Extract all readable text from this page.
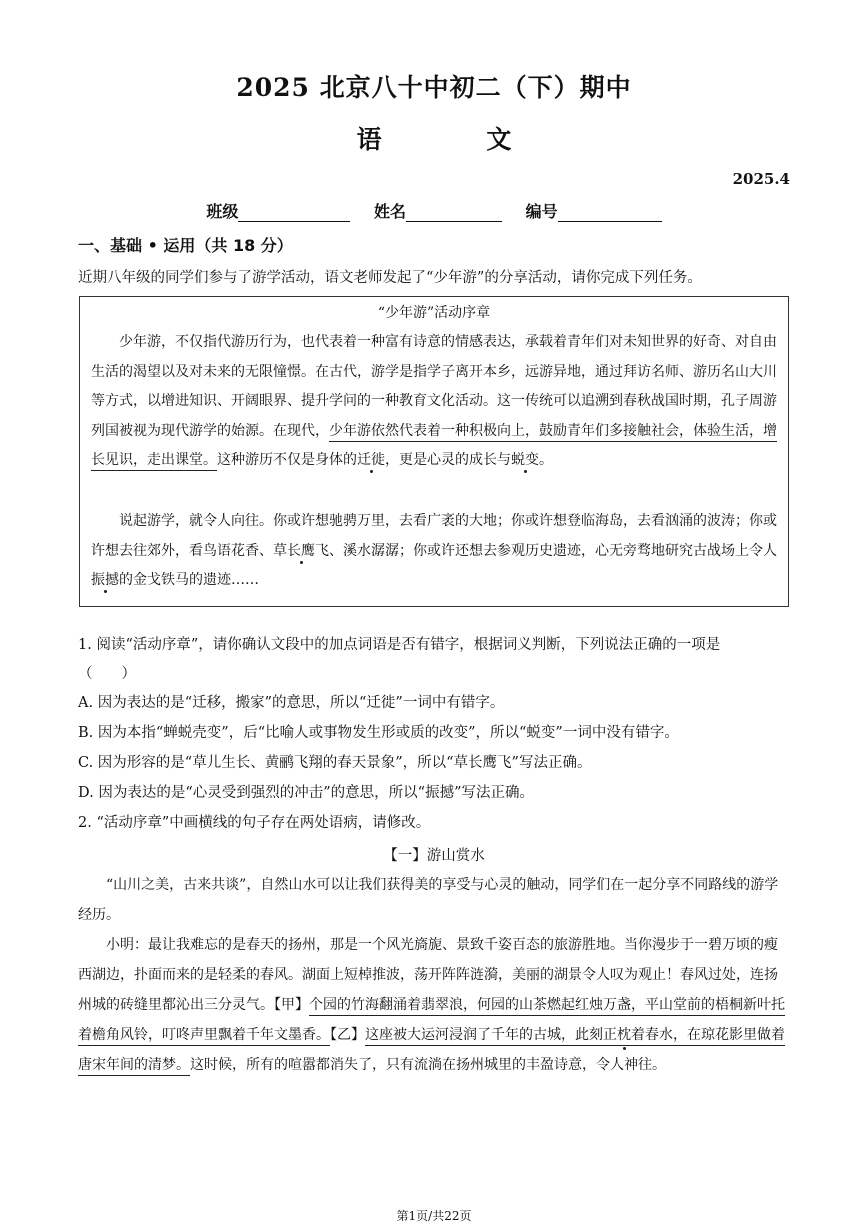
2025 北京八十中初二（下）期中
语 文
2025.4
班级	姓名	编号
一、基础 • 运用（共 18 分）
近期八年级的同学们参与了游学活动，语文老师发起了“少年游”的分享活动，请你完成下列任务。
“少年游”活动序章
少年游，不仅指代游历行为，也代表着一种富有诗意的情感表达，承载着青年们对未知世界的好奇、对自由生活的渴望以及对未来的无限憧憬。在古代，游学是指学子离开本乡，远游异地，通过拜访名师、游历名山大川等方式，以增进知识、开阔眼界、提升学问的一种教育文化活动。这一传统可以追溯到春秋战国时期，孔子周游列国被视为现代游学的始源。在现代，少年游依然代表着一种积极向上，鼓励青年们多接触社会，体验生活，增长见识，走出课堂。这种游历不仅是身体的迁徙，更是心灵的成长与蜕变。
说起游学，就令人向往。你或许想驰骋万里，去看广袤的大地；你或许想登临海岛，去看汹涌的波涛；你或许想去往郊外，看鸟语花香、草长鹰飞、溪水潺潺；你或许还想去参观历史遗迹，心无旁骛地研究古战场上令人振撼的金戈铁马的遗迹……
1. 阅读“活动序章”，请你确认文段中的加点词语是否有错字，根据词义判断，下列说法正确的一项是
（　　）
A. 因为表达的是“迁移，搬家”的意思，所以“迁徙”一词中有错字。
B. 因为本指“蝉蜕壳变”，后“比喻人或事物发生形或质的改变”，所以“蜕变”一词中没有错字。
C. 因为形容的是“草儿生长、黄鹂飞翔的春天景象”，所以“草长鹰飞”写法正确。
D. 因为表达的是“心灵受到强烈的冲击”的意思，所以“振撼”写法正确。
2. “活动序章”中画横线的句子存在两处语病，请修改。
【一】游山赏水
“山川之美，古来共谈”，自然山水可以让我们获得美的享受与心灵的触动，同学们在一起分享不同路线的游学经历。
小明：最让我难忘的是春天的扬州，那是一个风光旖旎、景致千姿百态的旅游胜地。当你漫步于一碧万顷的瘦西湖边，扑面而来的是轻柔的春风。湖面上短棹推波，荡开阵阵涟漪，美丽的湖景令人叹为观止！春风过处，连扬州城的砖缝里都沁出三分灵气。【甲】个园的竹海翻涌着翡翠浪，何园的山茶燃起红烛万盏，平山堂前的梧桐新叶托着檐角风铃，叮咚声里飘着千年文墨香。【乙】这座被大运河浸润了千年的古城，此刻正枕着春水，在琼花影里做着唐宋年间的清梦。这时候，所有的喧嚣都消失了，只有流淌在扬州城里的丰盈诗意，令人神往。
第1页/共22页
